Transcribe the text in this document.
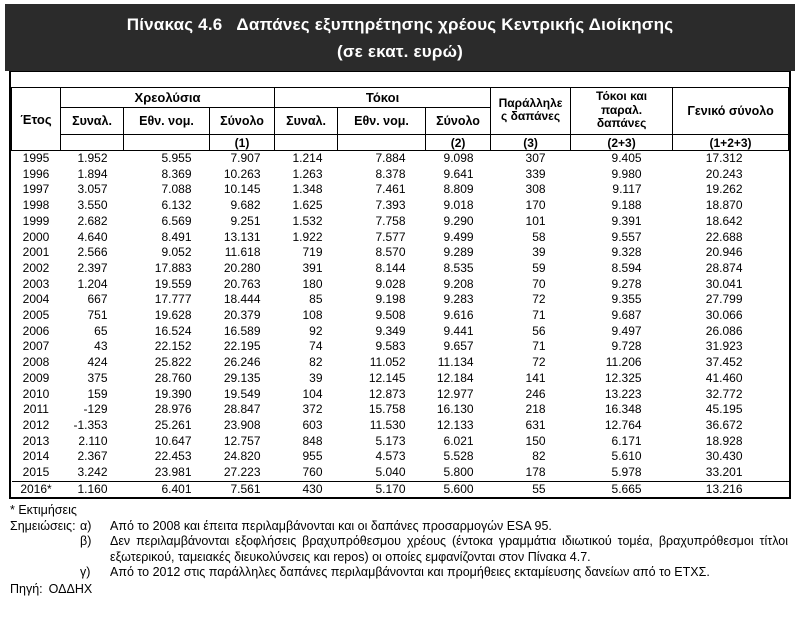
Πίνακας 4.6 Δαπάνες εξυπηρέτησης χρέους Κεντρικής Διοίκησης
(σε εκατ. ευρώ)
Έτος	Χρεολύσια			Τόκοι			Παράλληλες δαπάνες	Τόκοι και παραλ. δαπάνες	Γενικό σύνολο
	Συναλ.	Εθν. νομ.	Σύνολο	Συναλ.	Εθν. νομ.	Σύνολο			
			(1)			(2)	(3)	(2+3)	(1+2+3)
1995	1.952	5.955	7.907	1.214	7.884	9.098	307	9.405	17.312
1996	1.894	8.369	10.263	1.263	8.378	9.641	339	9.980	20.243
1997	3.057	7.088	10.145	1.348	7.461	8.809	308	9.117	19.262
1998	3.550	6.132	9.682	1.625	7.393	9.018	170	9.188	18.870
1999	2.682	6.569	9.251	1.532	7.758	9.290	101	9.391	18.642
2000	4.640	8.491	13.131	1.922	7.577	9.499	58	9.557	22.688
2001	2.566	9.052	11.618	719	8.570	9.289	39	9.328	20.946
2002	2.397	17.883	20.280	391	8.144	8.535	59	8.594	28.874
2003	1.204	19.559	20.763	180	9.028	9.208	70	9.278	30.041
2004	667	17.777	18.444	85	9.198	9.283	72	9.355	27.799
2005	751	19.628	20.379	108	9.508	9.616	71	9.687	30.066
2006	65	16.524	16.589	92	9.349	9.441	56	9.497	26.086
2007	43	22.152	22.195	74	9.583	9.657	71	9.728	31.923
2008	424	25.822	26.246	82	11.052	11.134	72	11.206	37.452
2009	375	28.760	29.135	39	12.145	12.184	141	12.325	41.460
2010	159	19.390	19.549	104	12.873	12.977	246	13.223	32.772
2011	-129	28.976	28.847	372	15.758	16.130	218	16.348	45.195
2012	-1.353	25.261	23.908	603	11.530	12.133	631	12.764	36.672
2013	2.110	10.647	12.757	848	5.173	6.021	150	6.171	18.928
2014	2.367	22.453	24.820	955	4.573	5.528	82	5.610	30.430
2015	3.242	23.981	27.223	760	5.040	5.800	178	5.978	33.201
2016*	1.160	6.401	7.561	430	5.170	5.600	55	5.665	13.216
* Εκτιμήσεις
Σημειώσεις: α)	Από το 2008 και έπειτα περιλαμβάνονται και οι δαπάνες προσαρμογών ESA 95.
β)	Δεν περιλαμβάνονται εξοφλήσεις βραχυπρόθεσμου χρέους (έντοκα γραμμάτια ιδιωτικού τομέα, βραχυπρόθεσμοι τίτλοι εξωτερικού, ταμειακές διευκολύνσεις και repos) οι οποίες εμφανίζονται στον Πίνακα 4.7.
γ)	Από το 2012 στις παράλληλες δαπάνες περιλαμβάνονται και προμήθειες εκταμίευσης δανείων από το ΕΤΧΣ.
Πηγή: ΟΔΔΗΧ
